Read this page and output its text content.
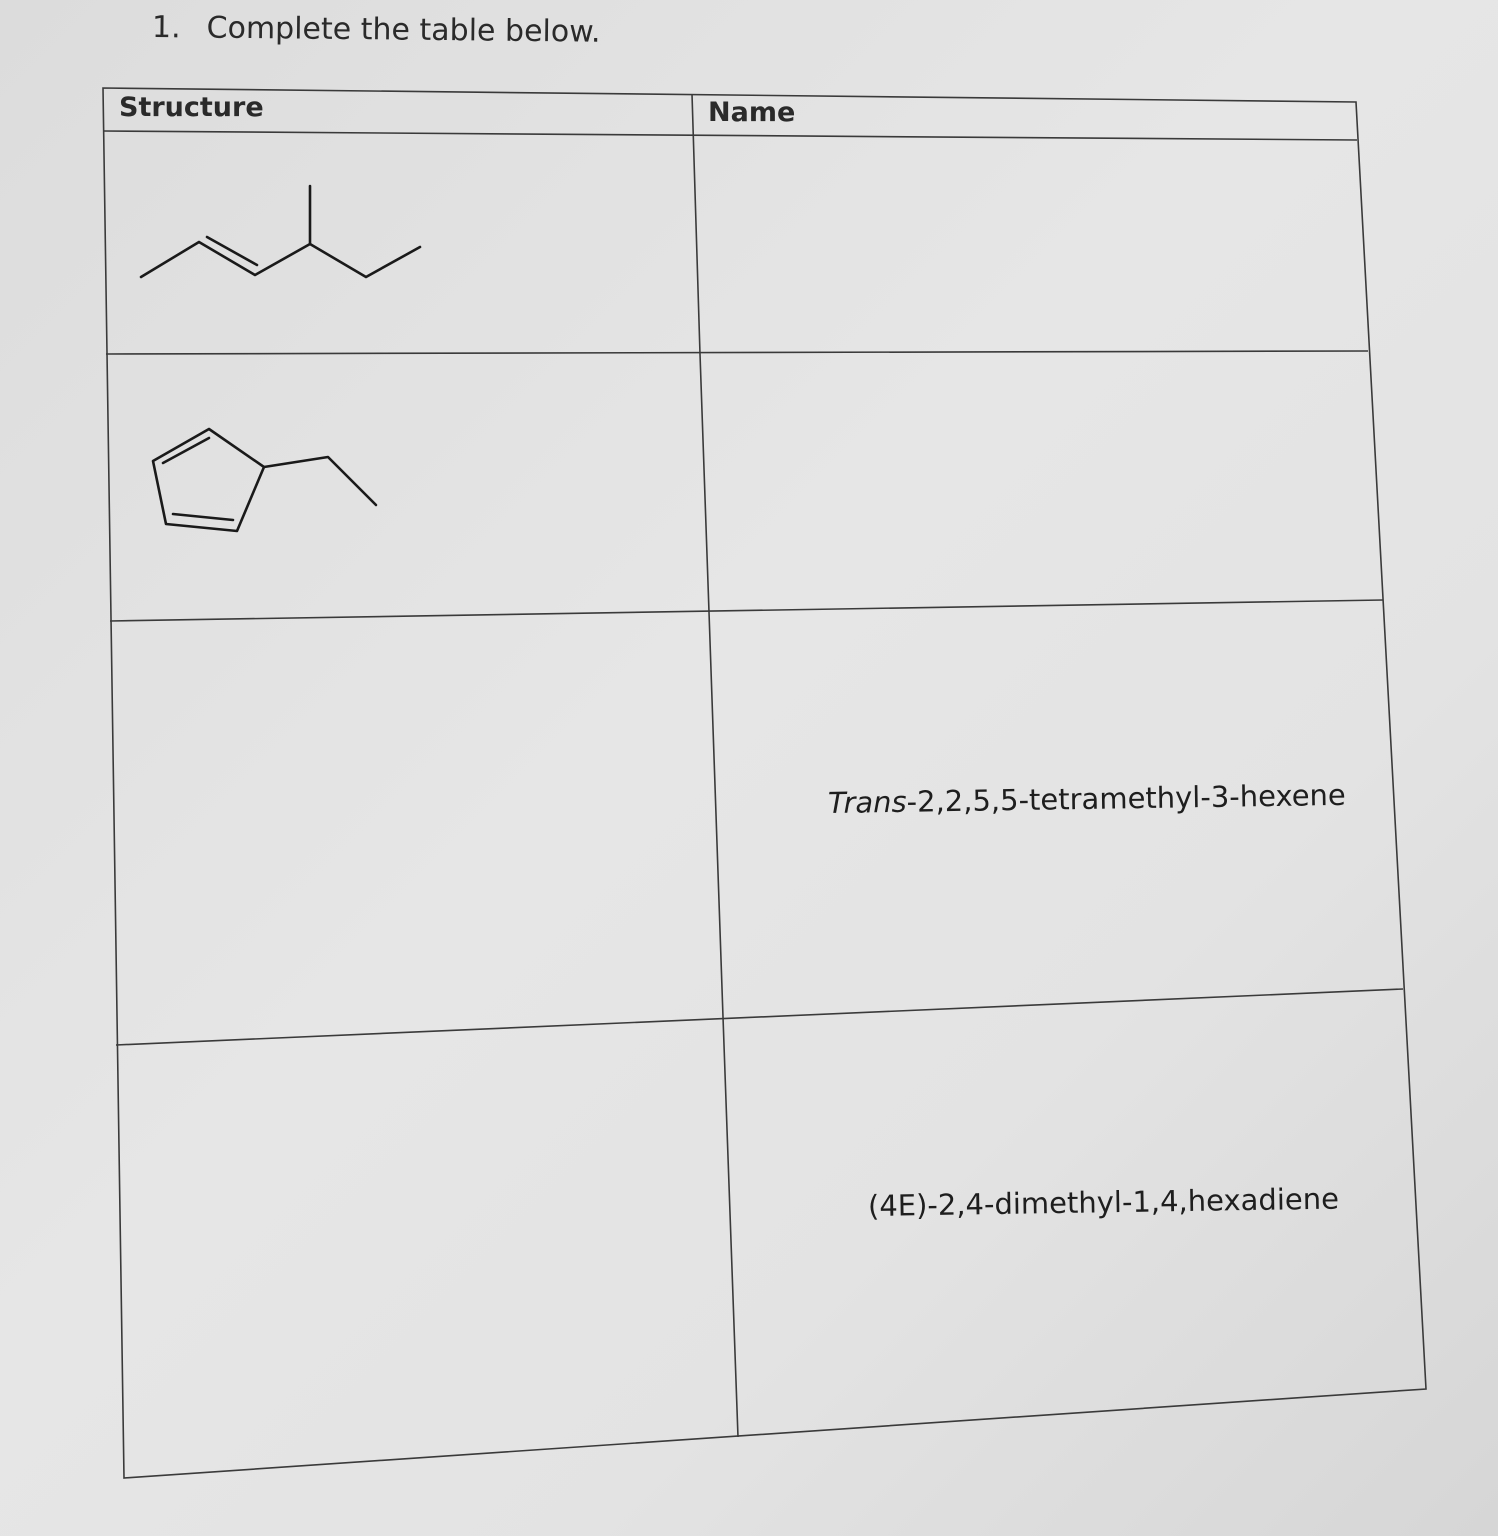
1. Complete the table below.
Structure	Name
Trans-2,2,5,5-tetramethyl-3-hexene
(4E)-2,4-dimethyl-1,4,hexadiene
